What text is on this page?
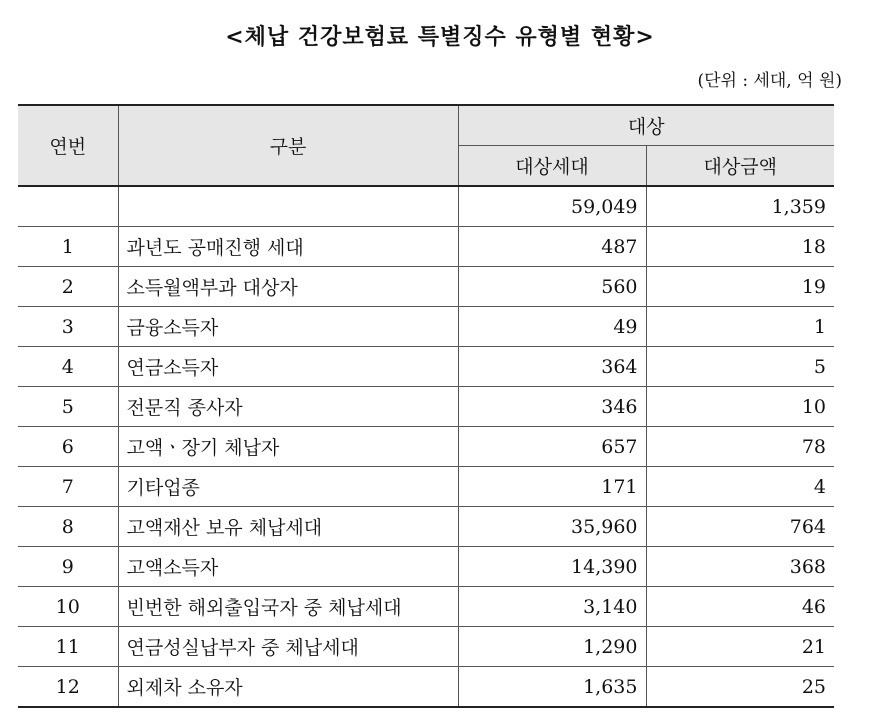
<체납 건강보험료 특별징수 유형별 현황>
(단위 : 세대, 억 원)
연번	구분	대상	
		대상세대	대상금액
		59,049	1,359
1	과년도 공매진행 세대	487	18
2	소득월액부과 대상자	560	19
3	금융소득자	49	1
4	연금소득자	364	5
5	전문직 종사자	346	10
6	고액ㆍ장기 체납자	657	78
7	기타업종	171	4
8	고액재산 보유 체납세대	35,960	764
9	고액소득자	14,390	368
10	빈번한 해외출입국자 중 체납세대	3,140	46
11	연금성실납부자 중 체납세대	1,290	21
12	외제차 소유자	1,635	25
